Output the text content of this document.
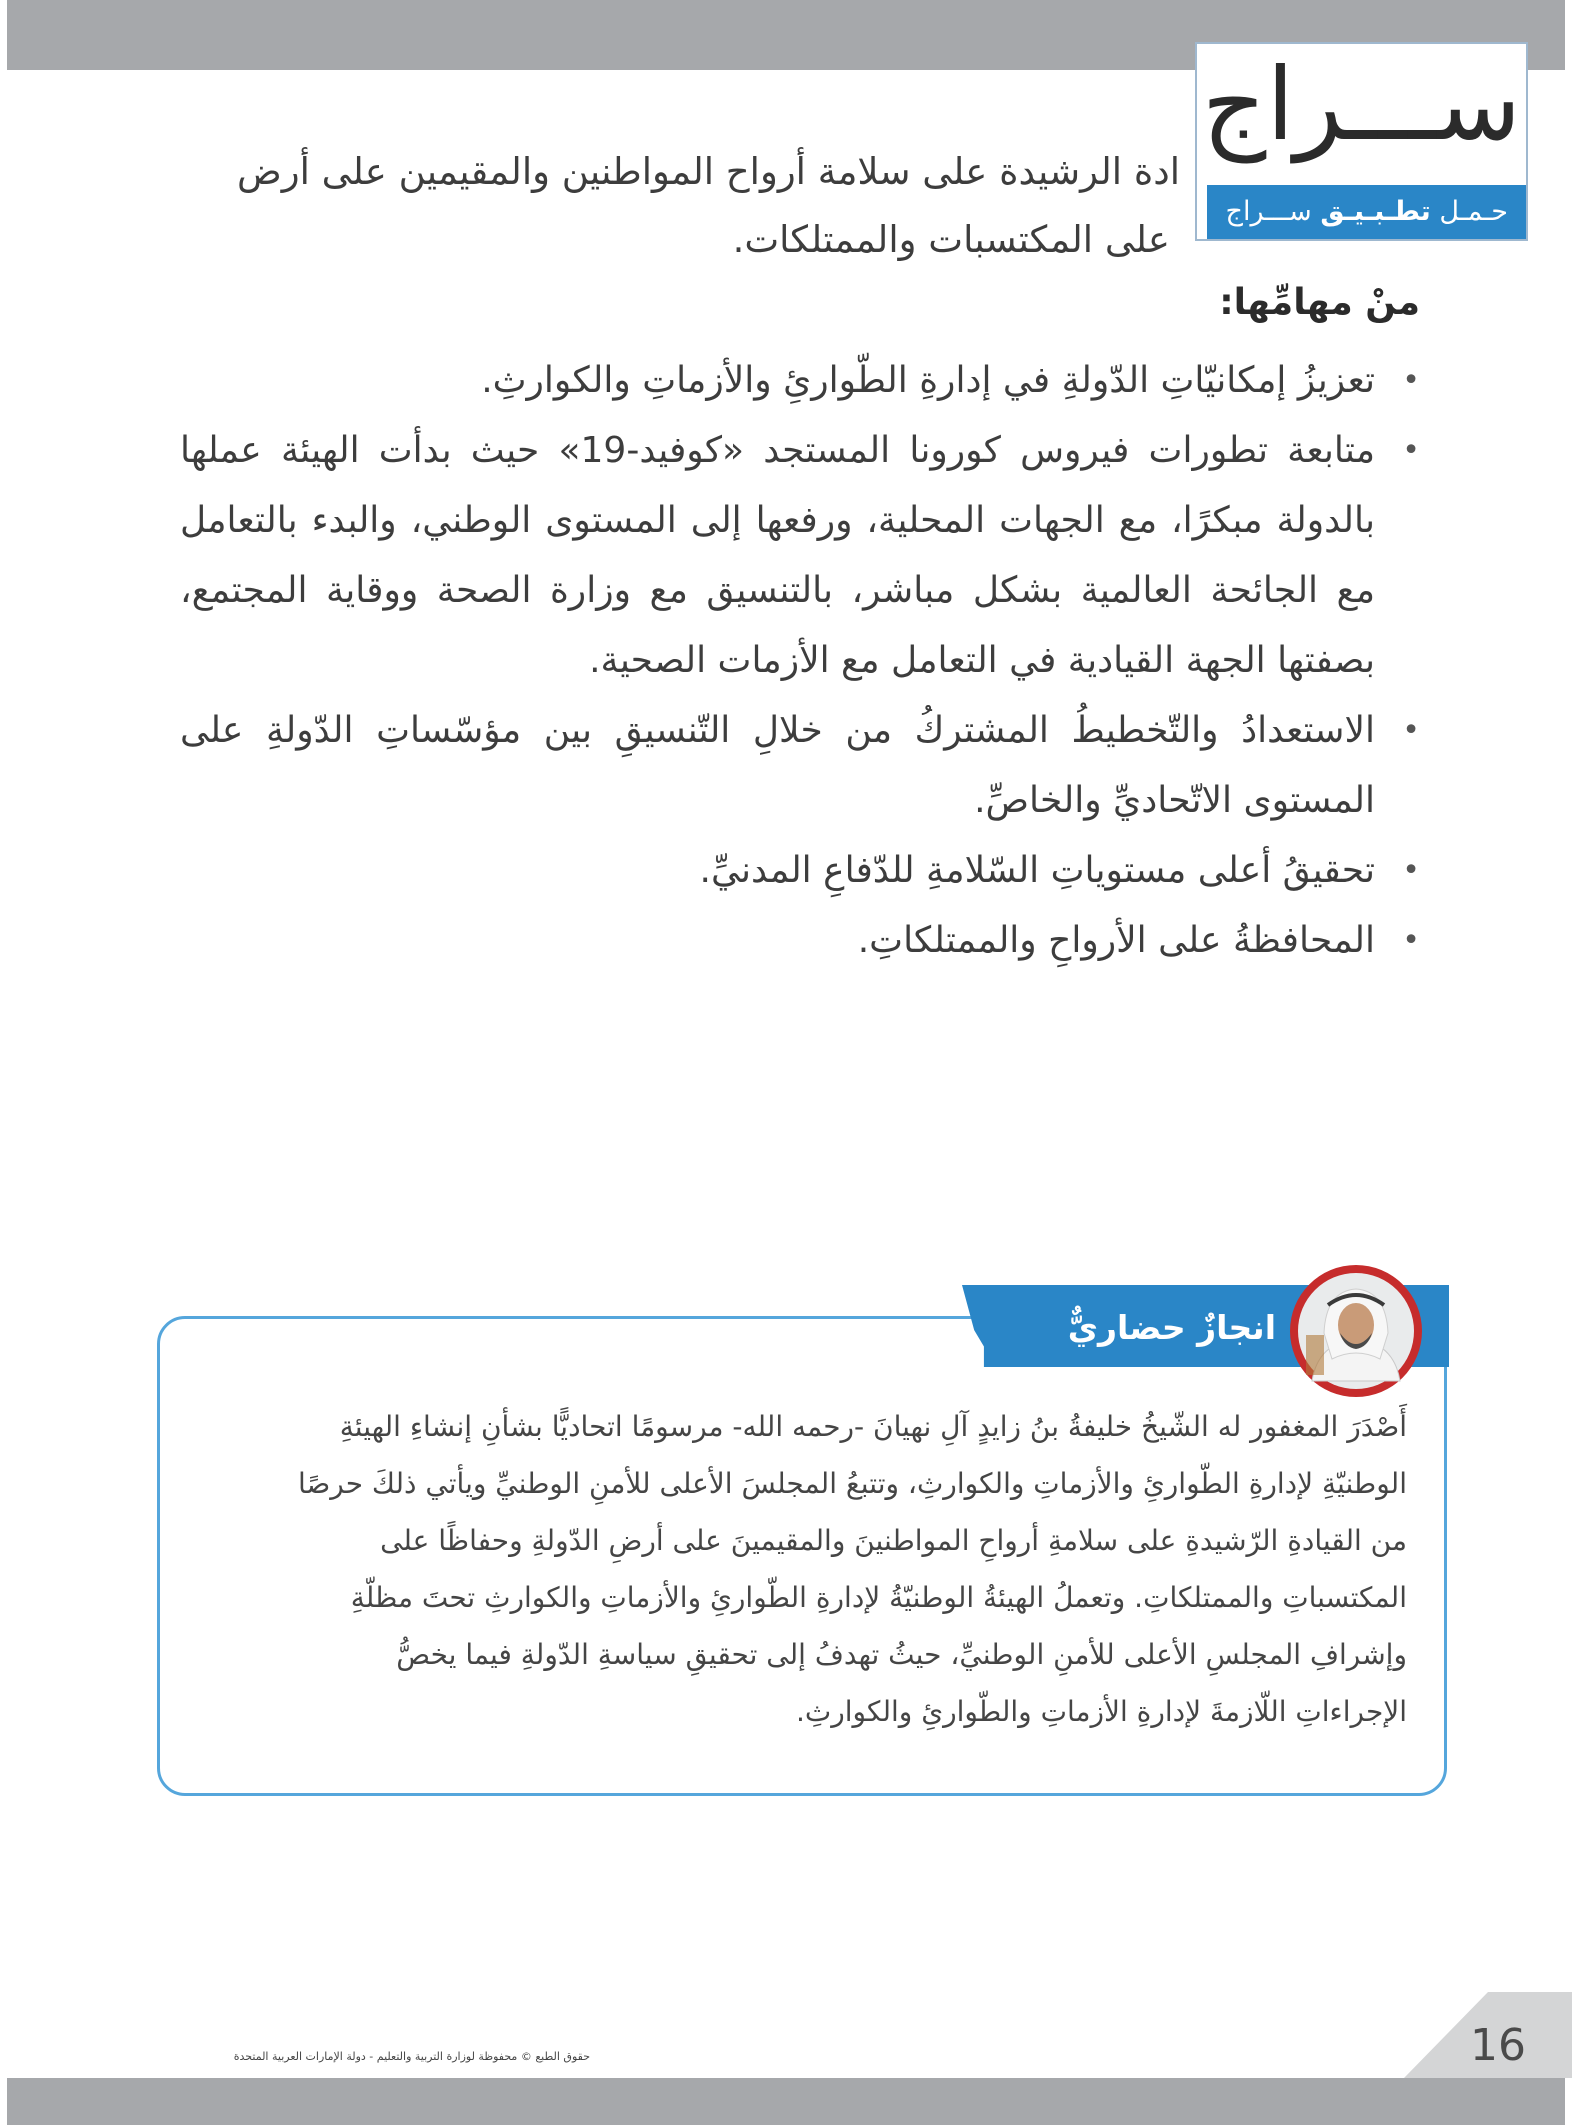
ســـراج
حـمـل تطـبـيـق ســـراج
ادة الرشيدة على سلامة أرواح المواطنين والمقيمين على أرض
على المكتسبات والممتلكات.
منْ مهامِّها:
•
تعزيزُ إمكانيّاتِ الدّولةِ في إدارةِ الطّوارئِ والأزماتِ والكوارثِ.
•
متابعة تطورات فيروس كورونا المستجد «كوفيد-19» حيث بدأت الهيئة عملها بالدولة مبكرًا، مع الجهات المحلية، ورفعها إلى المستوى الوطني، والبدء بالتعامل مع الجائحة العالمية بشكل مباشر، بالتنسيق مع وزارة الصحة ووقاية المجتمع، بصفتها الجهة القيادية في التعامل مع الأزمات الصحية.
•
الاستعدادُ والتّخطيطُ المشتركُ من خلالِ التّنسيقِ بين مؤسّساتِ الدّولةِ على المستوى الاتّحاديِّ والخاصِّ.
•
تحقيقُ أعلى مستوياتِ السّلامةِ للدّفاعِ المدنيِّ.
•
المحافظةُ على الأرواحِ والممتلكاتِ.
انجازٌ حضاريٌّ
أَصْدَرَ المغفور له الشّيخُ خليفةُ بنُ زايدٍ آلِ نهيانَ -رحمه الله- مرسومًا اتحاديًّا بشأنِ إنشاءِ الهيئةِ
الوطنيّةِ لإدارةِ الطّوارئِ والأزماتِ والكوارثِ، وتتبعُ المجلسَ الأعلى للأمنِ الوطنيِّ ويأتي ذلكَ حرصًا
من القيادةِ الرّشيدةِ على سلامةِ أرواحِ المواطنينَ والمقيمينَ على أرضِ الدّولةِ وحفاظًا على
المكتسباتِ والممتلكاتِ. وتعملُ الهيئةُ الوطنيّةُ لإدارةِ الطّوارئِ والأزماتِ والكوارثِ تحتَ مظلّةِ
وإشرافِ المجلسِ الأعلى للأمنِ الوطنيِّ، حيثُ تهدفُ إلى تحقيقِ سياسةِ الدّولةِ فيما يخصُّ
الإجراءاتِ اللّازمةَ لإدارةِ الأزماتِ والطّوارئِ والكوارثِ.
16
حقوق الطبع © محفوظة لوزارة التربية والتعليم - دولة الإمارات العربية المتحدة
